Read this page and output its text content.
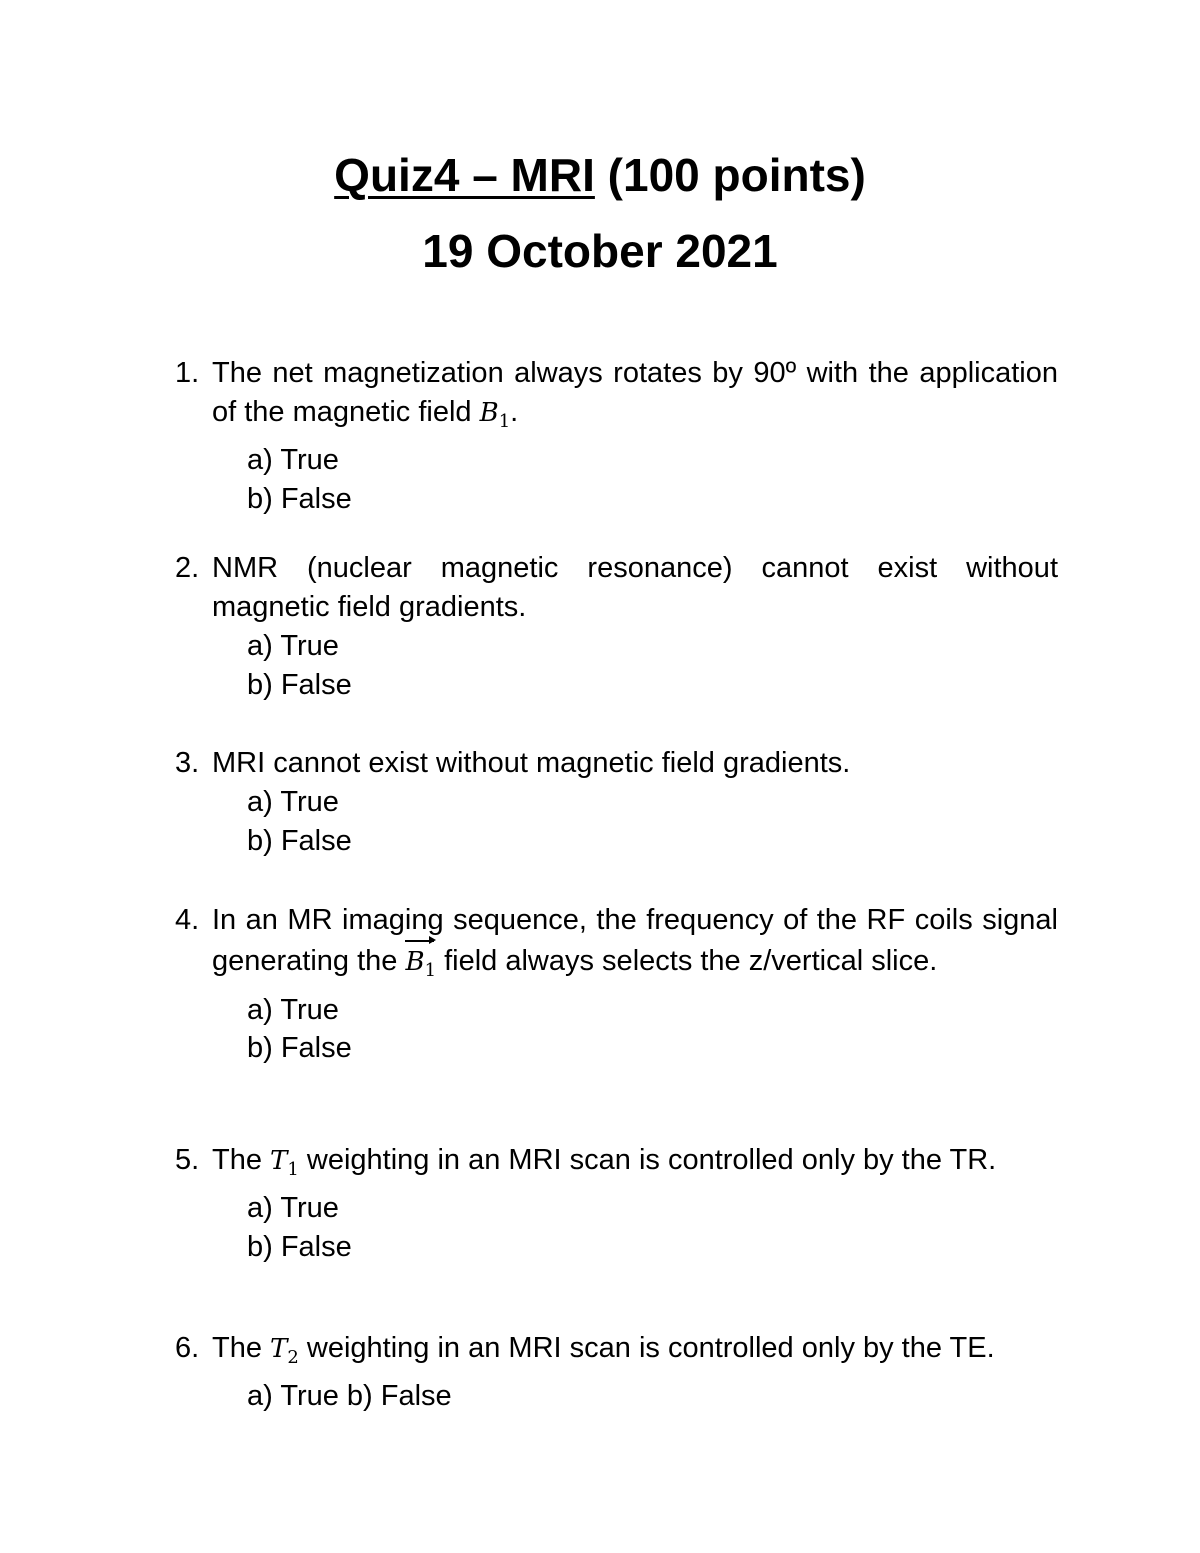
Quiz4 – MRI (100 points)
19 October 2021
1. The net magnetization always rotates by 90º with the application of the magnetic field $B_1$.
a) True
b) False
2. NMR (nuclear magnetic resonance) cannot exist without magnetic field gradients.
a) True
b) False
3. MRI cannot exist without magnetic field gradients.
a) True
b) False
4. In an MR imaging sequence, the frequency of the RF coils signal generating the $B_1$ field always selects the z/vertical slice.
a) True
b) False
5. The $T_1$ weighting in an MRI scan is controlled only by the TR.
a) True
b) False
6. The $T_2$ weighting in an MRI scan is controlled only by the TE.
a) True b) False
